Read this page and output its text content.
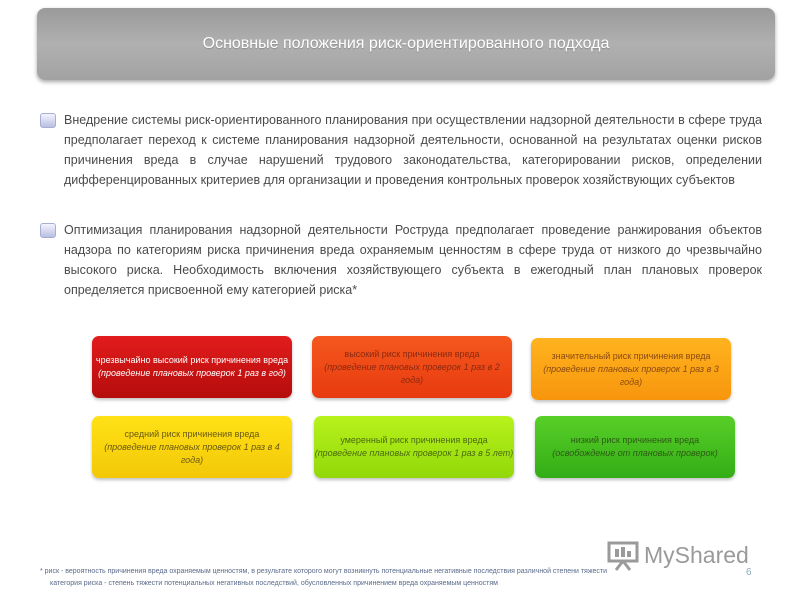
Основные положения риск-ориентированного подхода
Внедрение системы риск-ориентированного планирования при осуществлении надзорной деятельности в сфере труда предполагает переход к системе планирования надзорной деятельности, основанной на результатах оценки рисков причинения вреда в случае нарушений трудового законодательства, категорировании рисков, определении дифференцированных критериев для организации и проведения контрольных проверок хозяйствующих субъектов
Оптимизация планирования надзорной деятельности Роструда предполагает проведение ранжирования объектов надзора по категориям риска причинения вреда охраняемым ценностям в сфере труда от низкого до чрезвычайно высокого риска. Необходимость включения хозяйствующего субъекта в ежегодный план плановых проверок определяется присвоенной ему категорией риска*
чрезвычайно высокий риск причинения вреда
(проведение плановых проверок 1 раз в год)
высокий риск причинения вреда
(проведение плановых проверок 1 раз в 2 года)
значительный риск причинения вреда
(проведение плановых проверок 1 раз в 3 года)
средний риск причинения вреда
(проведение плановых проверок 1 раз в 4 года)
умеренный риск причинения вреда
(проведение плановых проверок 1 раз в 5 лет)
низкий риск причинения вреда
(освобождение от плановых проверок)
MyShared
6
* риск - вероятность причинения вреда охраняемым ценностям, в результате которого могут возникнуть потенциальные негативные последствия различной степени тяжести
категория риска - степень тяжести потенциальных негативных последствий, обусловленных причинением вреда охраняемым ценностям
